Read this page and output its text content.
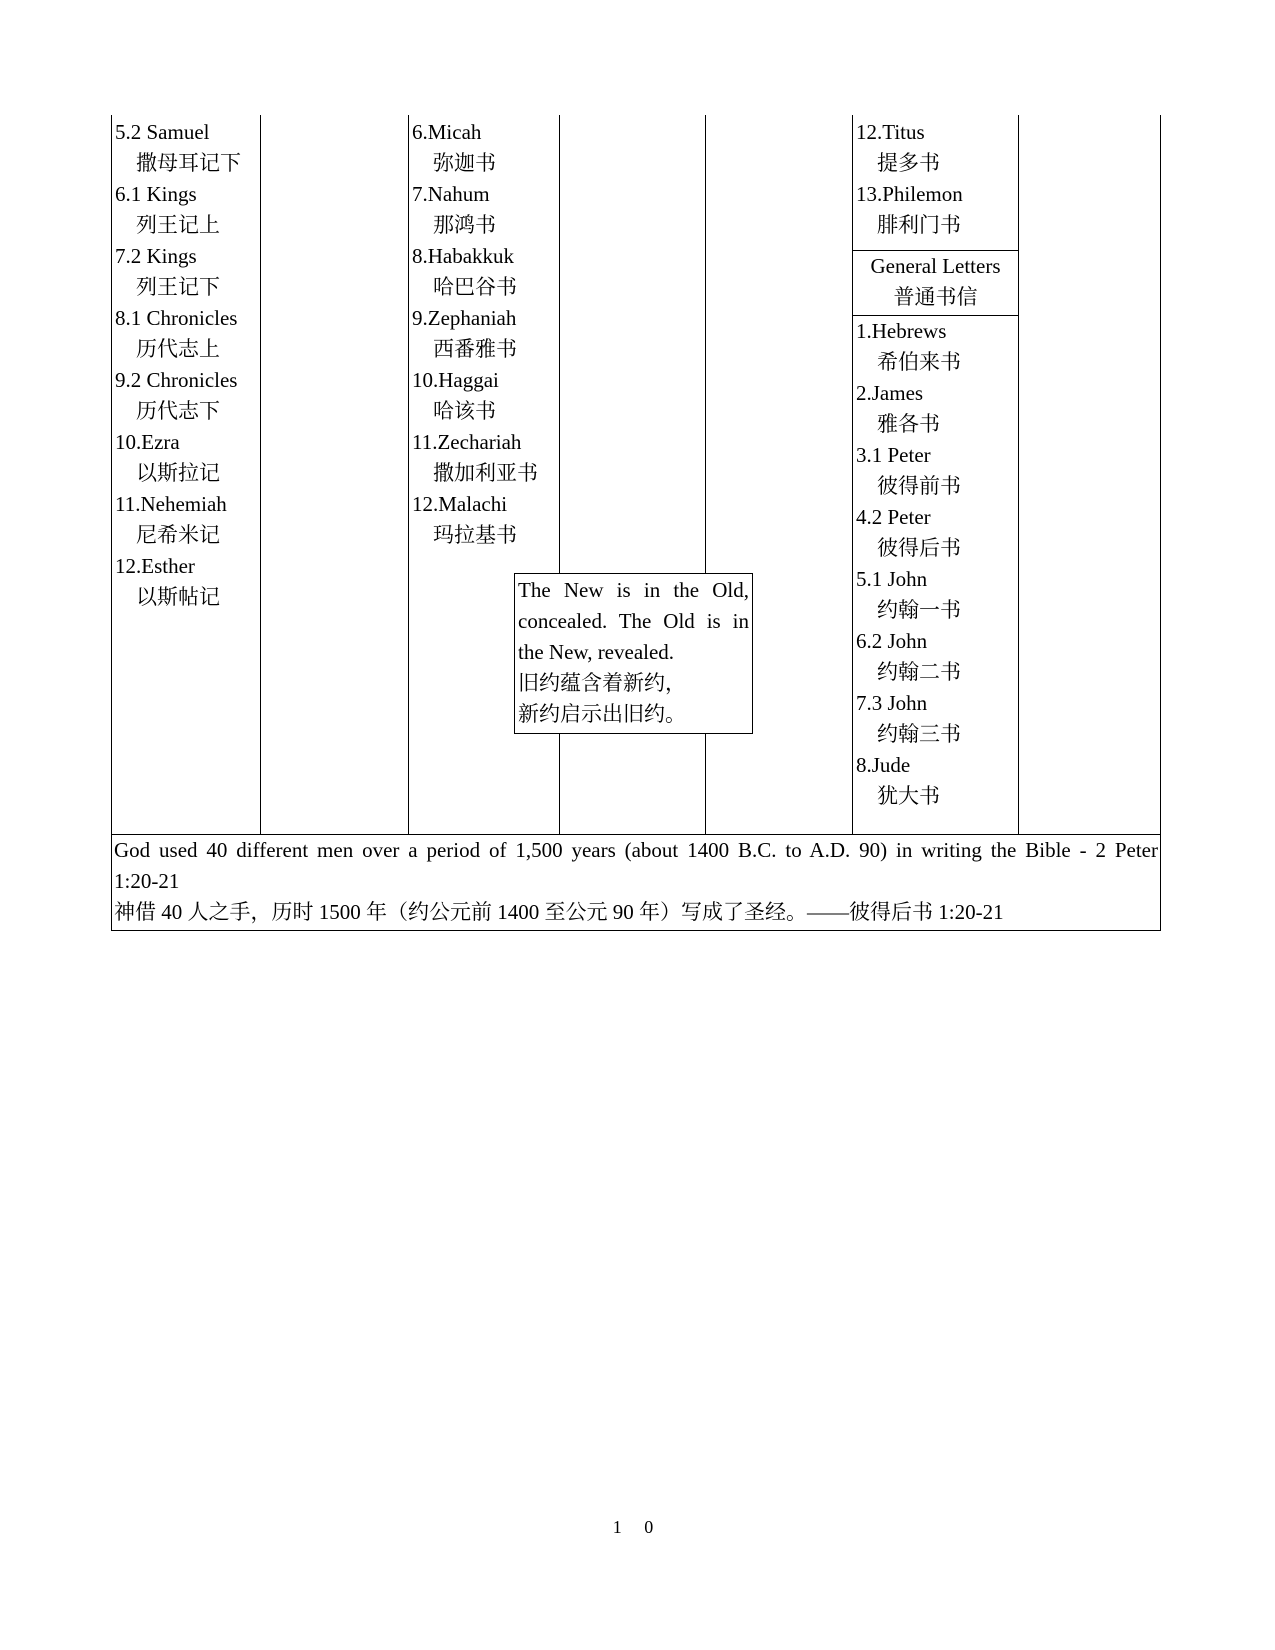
5.2 Samuel
撒母耳记下
6.1 Kings
列王记上
7.2 Kings
列王记下
8.1 Chronicles
历代志上
9.2 Chronicles
历代志下
10.Ezra
以斯拉记
11.Nehemiah
尼希米记
12.Esther
以斯帖记
6.Micah
弥迦书
7.Nahum
那鸿书
8.Habakkuk
哈巴谷书
9.Zephaniah
西番雅书
10.Haggai
哈该书
11.Zechariah
撒加利亚书
12.Malachi
玛拉基书
12.Titus
提多书
13.Philemon
腓利门书
General Letters
普通书信
1.Hebrews
希伯来书
2.James
雅各书
3.1 Peter
彼得前书
4.2 Peter
彼得后书
5.1 John
约翰一书
6.2 John
约翰二书
7.3 John
约翰三书
8.Jude
犹大书
God used 40 different men over a period of 1,500 years (about 1400 B.C. to A.D. 90) in writing the Bible - 2 Peter
1:20-21
神借 40 人之手，历时 1500 年（约公元前 1400 至公元 90 年）写成了圣经。——彼得后书 1:20-21
The New is in the Old,
concealed. The Old is in
the New, revealed.
旧约蕴含着新约，
新约启示出旧约。
1 0
